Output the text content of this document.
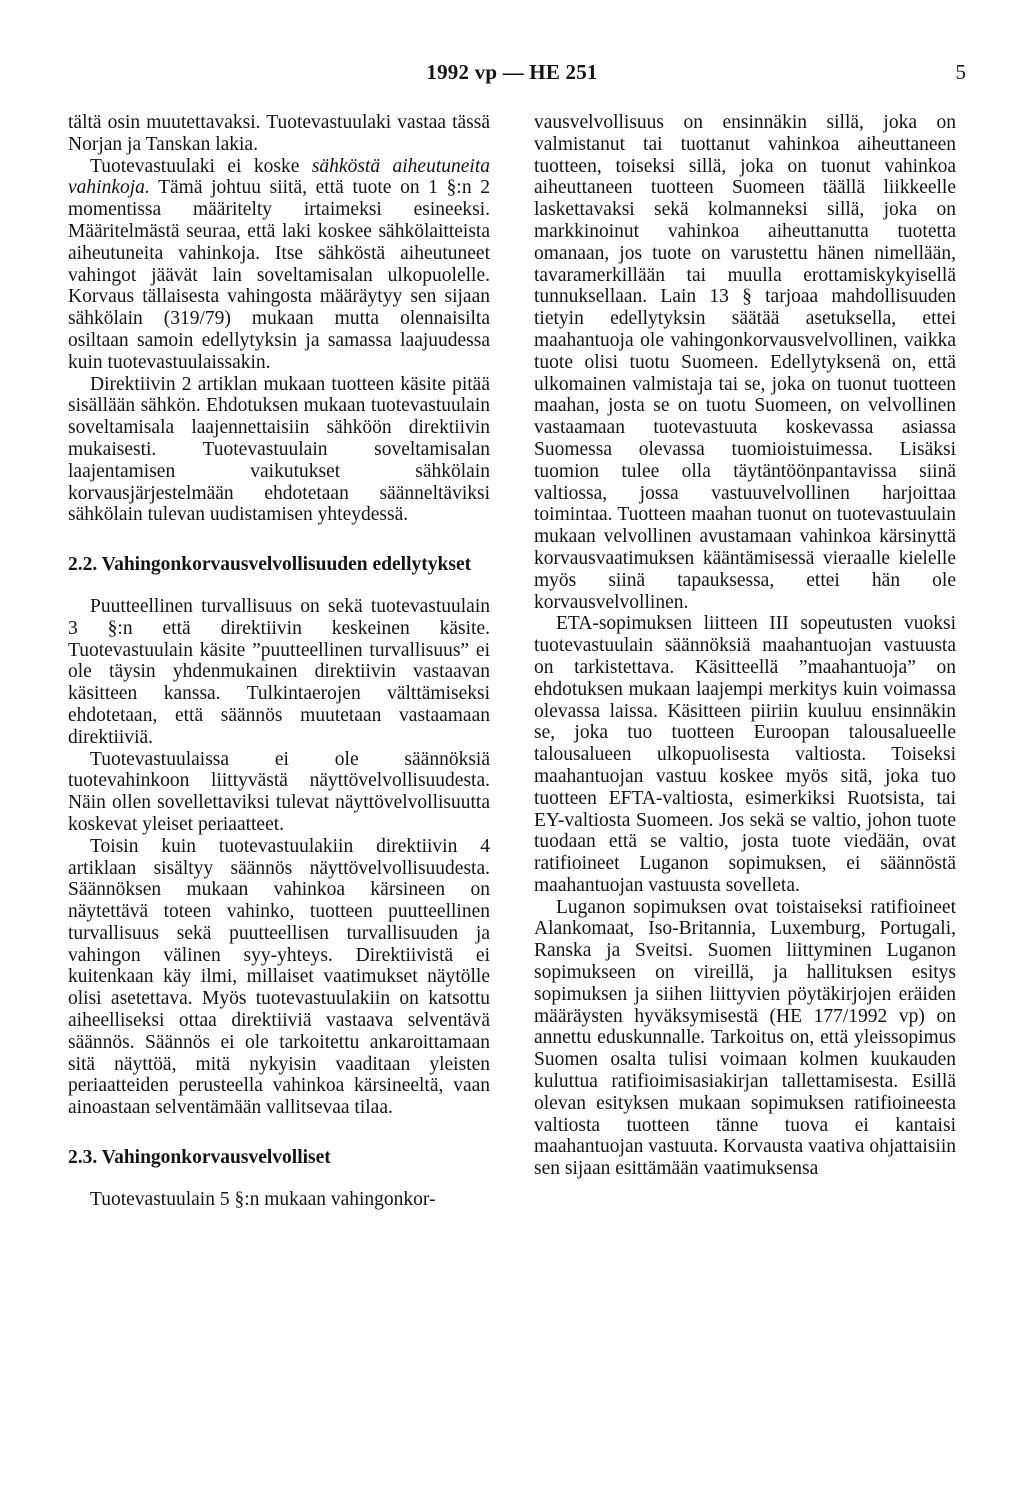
1992 vp — HE 251	5

tältä osin muutettavaksi. Tuotevastuulaki vastaa tässä Norjan ja Tanskan lakia.

Tuotevastuulaki ei koske sähköstä aiheutuneita vahinkoja. Tämä johtuu siitä, että tuote on 1 §:n 2 momentissa määritelty irtaimeksi esineeksi. Määritelmästä seuraa, että laki koskee sähkölaitteista aiheutuneita vahinkoja. Itse sähköstä aiheutuneet vahingot jäävät lain soveltamisalan ulkopuolelle. Korvaus tällaisesta vahingosta määräytyy sen sijaan sähkölain (319/79) mukaan mutta olennaisilta osiltaan samoin edellytyksin ja samassa laajuudessa kuin tuotevastuulaissakin.

Direktiivin 2 artiklan mukaan tuotteen käsite pitää sisällään sähkön. Ehdotuksen mukaan tuotevastuulain soveltamisala laajennettaisiin sähköön direktiivin mukaisesti. Tuotevastuulain soveltamisalan laajentamisen vaikutukset sähkölain korvausjärjestelmään ehdotetaan säänneltäviksi sähkölain tulevan uudistamisen yhteydessä.

2.2. Vahingonkorvausvelvollisuuden edellytykset

Puutteellinen turvallisuus on sekä tuotevastuulain 3 §:n että direktiivin keskeinen käsite. Tuotevastuulain käsite ”puutteellinen turvallisuus” ei ole täysin yhdenmukainen direktiivin vastaavan käsitteen kanssa. Tulkintaerojen välttämiseksi ehdotetaan, että säännös muutetaan vastaamaan direktiiviä.

Tuotevastuulaissa ei ole säännöksiä tuotevahinkoon liittyvästä näyttövelvollisuudesta. Näin ollen sovellettaviksi tulevat näyttövelvollisuutta koskevat yleiset periaatteet.

Toisin kuin tuotevastuulakiin direktiivin 4 artiklaan sisältyy säännös näyttövelvollisuudesta. Säännöksen mukaan vahinkoa kärsineen on näytettävä toteen vahinko, tuotteen puutteellinen turvallisuus sekä puutteellisen turvallisuuden ja vahingon välinen syy-yhteys. Direktiivistä ei kuitenkaan käy ilmi, millaiset vaatimukset näytölle olisi asetettava. Myös tuotevastuulakiin on katsottu aiheelliseksi ottaa direktiiviä vastaava selventävä säännös. Säännös ei ole tarkoitettu ankaroittamaan sitä näyttöä, mitä nykyisin vaaditaan yleisten periaatteiden perusteella vahinkoa kärsineeltä, vaan ainoastaan selventämään vallitsevaa tilaa.

2.3. Vahingonkorvausvelvolliset

Tuotevastuulain 5 §:n mukaan vahingonkor-

vausvelvollisuus on ensinnäkin sillä, joka on valmistanut tai tuottanut vahinkoa aiheuttaneen tuotteen, toiseksi sillä, joka on tuonut vahinkoa aiheuttaneen tuotteen Suomeen täällä liikkeelle laskettavaksi sekä kolmanneksi sillä, joka on markkinoinut vahinkoa aiheuttanutta tuotetta omanaan, jos tuote on varustettu hänen nimellään, tavaramerkillään tai muulla erottamiskykyisellä tunnuksellaan. Lain 13 § tarjoaa mahdollisuuden tietyin edellytyksin säätää asetuksella, ettei maahantuoja ole vahingonkorvausvelvollinen, vaikka tuote olisi tuotu Suomeen. Edellytyksenä on, että ulkomainen valmistaja tai se, joka on tuonut tuotteen maahan, josta se on tuotu Suomeen, on velvollinen vastaamaan tuotevastuuta koskevassa asiassa Suomessa olevassa tuomioistuimessa. Lisäksi tuomion tulee olla täytäntöönpantavissa siinä valtiossa, jossa vastuuvelvollinen harjoittaa toimintaa. Tuotteen maahan tuonut on tuotevastuulain mukaan velvollinen avustamaan vahinkoa kärsinyttä korvausvaatimuksen kääntämisessä vieraalle kielelle myös siinä tapauksessa, ettei hän ole korvausvelvollinen.

ETA-sopimuksen liitteen III sopeutusten vuoksi tuotevastuulain säännöksiä maahantuojan vastuusta on tarkistettava. Käsitteellä ”maahantuoja” on ehdotuksen mukaan laajempi merkitys kuin voimassa olevassa laissa. Käsitteen piiriin kuuluu ensinnäkin se, joka tuo tuotteen Euroopan talousalueelle talousalueen ulkopuolisesta valtiosta. Toiseksi maahantuojan vastuu koskee myös sitä, joka tuo tuotteen EFTA-valtiosta, esimerkiksi Ruotsista, tai EY-valtiosta Suomeen. Jos sekä se valtio, johon tuote tuodaan että se valtio, josta tuote viedään, ovat ratifioineet Luganon sopimuksen, ei säännöstä maahantuojan vastuusta sovelleta.

Luganon sopimuksen ovat toistaiseksi ratifioineet Alankomaat, Iso-Britannia, Luxemburg, Portugali, Ranska ja Sveitsi. Suomen liittyminen Luganon sopimukseen on vireillä, ja hallituksen esitys sopimuksen ja siihen liittyvien pöytäkirjojen eräiden määräysten hyväksymisestä (HE 177/1992 vp) on annettu eduskunnalle. Tarkoitus on, että yleissopimus Suomen osalta tulisi voimaan kolmen kuukauden kuluttua ratifioimisasiakirjan tallettamisesta. Esillä olevan esityksen mukaan sopimuksen ratifioineesta valtiosta tuotteen tänne tuova ei kantaisi maahantuojan vastuuta. Korvausta vaativa ohjattaisiin sen sijaan esittämään vaatimuksensa
